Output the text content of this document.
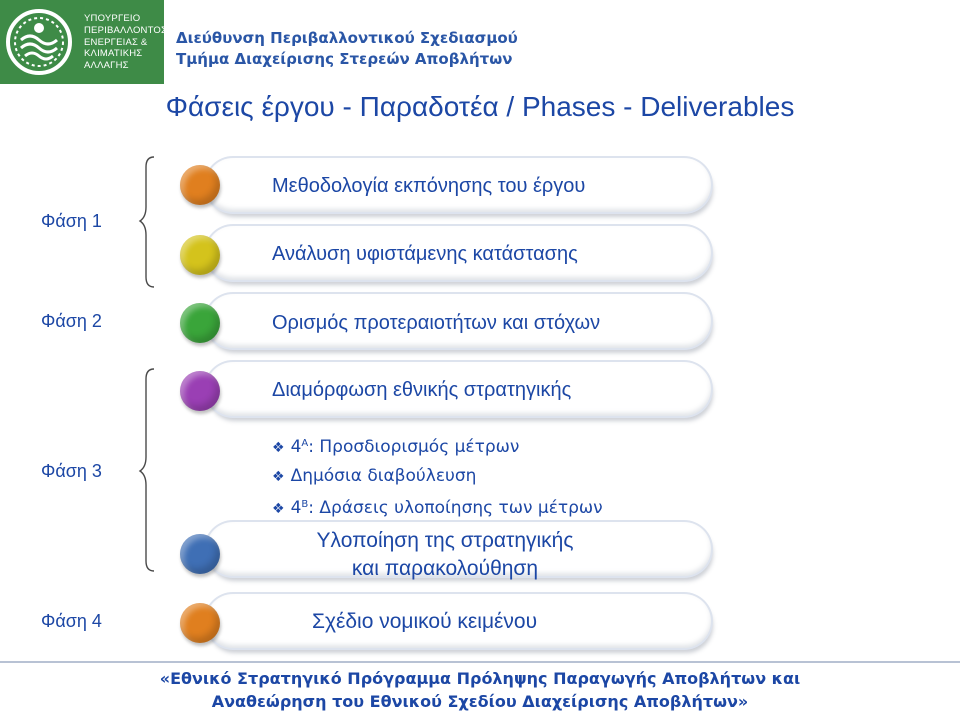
ΥΠΟΥΡΓΕΙΟ
ΠΕΡΙΒΑΛΛΟΝΤΟΣ
ΕΝΕΡΓΕΙΑΣ &
ΚΛΙΜΑΤΙΚΗΣ
ΑΛΛΑΓΗΣ
Διεύθυνση Περιβαλλοντικού Σχεδιασμού
Τμήμα Διαχείρισης Στερεών Αποβλήτων
Φάσεις έργου - Παραδοτέα / Phases - Deliverables
Φάση 1
Φάση 2
Φάση 3
Φάση 4
Μεθοδολογία εκπόνησης του έργου
Ανάλυση υφιστάμενης κατάστασης
Ορισμός προτεραιοτήτων και στόχων
Διαμόρφωση εθνικής στρατηγικής
❖ $4^A$: Προσδιορισμός μέτρων
❖ Δημόσια διαβούλευση
❖ $4^B$: Δράσεις υλοποίησης των μέτρων
Υλοποίηση της στρατηγικής
και παρακολούθηση
Σχέδιο νομικού κειμένου
«Εθνικό Στρατηγικό Πρόγραμμα Πρόληψης Παραγωγής Αποβλήτων και
Αναθεώρηση του Εθνικού Σχεδίου Διαχείρισης Αποβλήτων»
